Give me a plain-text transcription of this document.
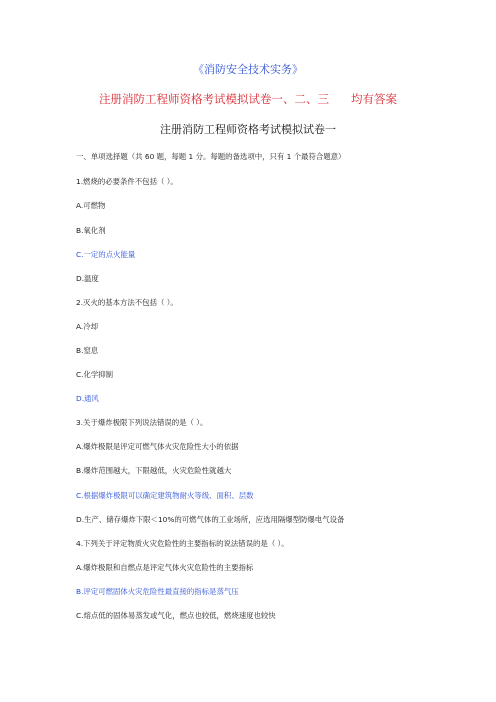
《消防安全技术实务》
注册消防工程师资格考试模拟试卷一、二、三 均有答案
注册消防工程师资格考试模拟试卷一
一、单项选择题（共 60 题，每题 1 分。每题的备选项中，只有 1 个最符合题意）
1.燃烧的必要条件不包括（ ）。
A.可燃物
B.氧化剂
C.一定的点火能量
D.温度
2.灭火的基本方法不包括（ ）。
A.冷却
B.窒息
C.化学抑制
D.通风
3.关于爆炸极限下列说法错误的是（ ）。
A.爆炸极限是评定可燃气体火灾危险性大小的依据
B.爆炸范围越大，下限越低，火灾危险性就越大
C.根据爆炸极限可以确定建筑物耐火等级、面积、层数
D.生产、储存爆炸下限＜10%的可燃气体的工业场所，应选用隔爆型防爆电气设备
4.下列关于评定物质火灾危险性的主要指标的说法错误的是（ ）。
A.爆炸极限和自燃点是评定气体火灾危险性的主要指标
B.评定可燃固体火灾危险性最直接的指标是蒸气压
C.熔点低的固体易蒸发或气化，燃点也较低，燃烧速度也较快
